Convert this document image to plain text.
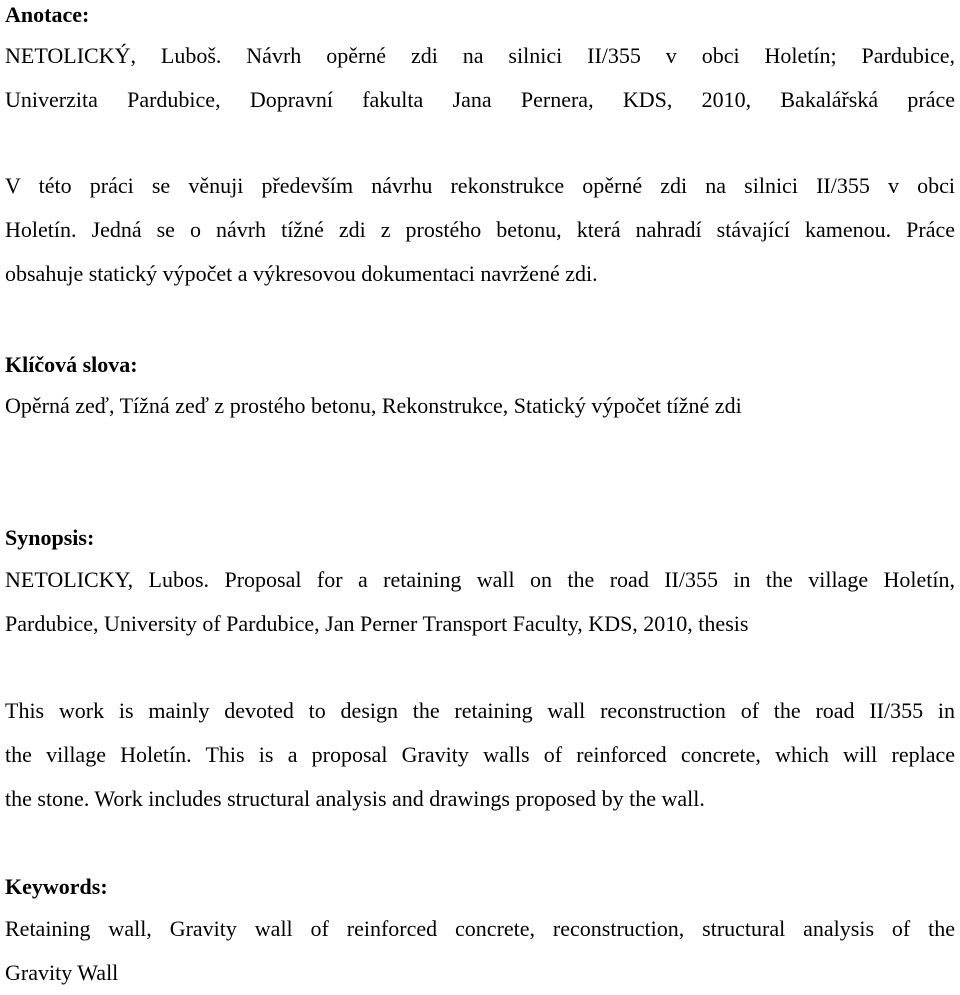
Anotace:
NETOLICKÝ, Luboš. Návrh opěrné zdi na silnici II/355 v obci Holetín; Pardubice,
Univerzita Pardubice, Dopravní fakulta Jana Pernera, KDS, 2010, Bakalářská práce
V této práci se věnuji především návrhu rekonstrukce opěrné zdi na silnici II/355 v obci
Holetín. Jedná se o návrh tížné zdi z prostého betonu, která nahradí stávající kamenou. Práce
obsahuje statický výpočet a výkresovou dokumentaci navržené zdi.
Klíčová slova:
Opěrná zeď, Tížná zeď z prostého betonu, Rekonstrukce, Statický výpočet tížné zdi
Synopsis:
NETOLICKY, Lubos. Proposal for a retaining wall on the road II/355 in the village Holetín,
Pardubice, University of Pardubice, Jan Perner Transport Faculty, KDS, 2010, thesis
This work is mainly devoted to design the retaining wall reconstruction of the road II/355 in
the village Holetín. This is a proposal Gravity walls of reinforced concrete, which will replace
the stone. Work includes structural analysis and drawings proposed by the wall.
Keywords:
Retaining wall, Gravity wall of reinforced concrete, reconstruction, structural analysis of the
Gravity Wall
